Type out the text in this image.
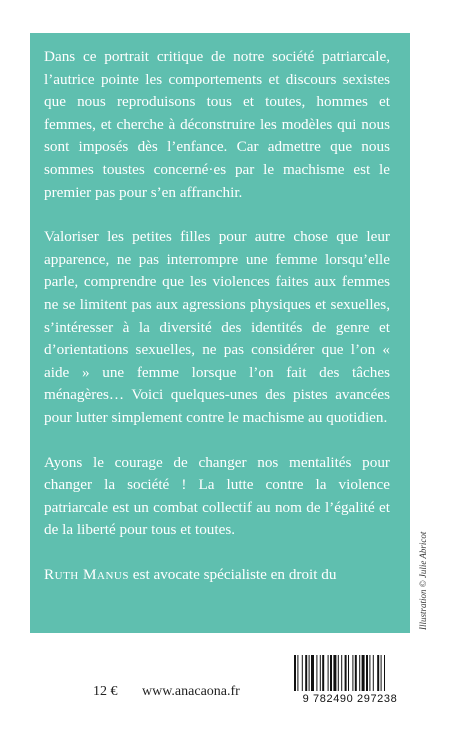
Dans ce portrait critique de notre société patriarcale, l’autrice pointe les comportements et discours sexistes que nous reproduisons tous et toutes, hommes et femmes, et cherche à déconstruire les modèles qui nous sont imposés dès l’enfance. Car admettre que nous sommes toustes concerné·es par le machisme est le premier pas pour s’en affranchir.

Valoriser les petites filles pour autre chose que leur apparence, ne pas interrompre une femme lorsqu’elle parle, comprendre que les violences faites aux femmes ne se limitent pas aux agressions physiques et sexuelles, s’intéresser à la diversité des identités de genre et d’orientations sexuelles, ne pas considérer que l’on « aide » une femme lorsque l’on fait des tâches ménagères… Voici quelques-unes des pistes avancées pour lutter simplement contre le machisme au quotidien.

Ayons le courage de changer nos mentalités pour changer la société ! La lutte contre la violence patriarcale est un combat collectif au nom de l’égalité et de la liberté pour tous et toutes.

Ruth Manus est avocate spécialiste en droit du	Illustration © Julie Abricot
9 782490 297238
12 € www.anacaona.fr
